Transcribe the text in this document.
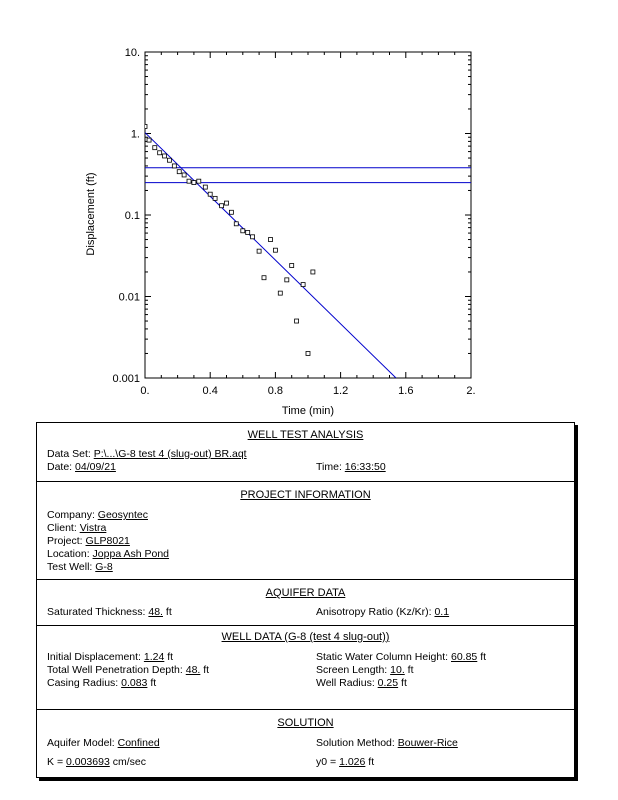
0.	0.4	0.8	1.2	1.6	2.
10.
1.
0.1
0.01
0.001
Time (min)
Displacement (ft)
WELL TEST ANALYSIS
Data Set: P:\...\G-8 test 4 (slug-out) BR.aqt
Date: 04/09/21	Time: 16:33:50
PROJECT INFORMATION
Company: Geosyntec
Client: Vistra
Project: GLP8021
Location: Joppa Ash Pond
Test Well: G-8
AQUIFER DATA
Saturated Thickness: 48. ft	Anisotropy Ratio (Kz/Kr): 0.1
WELL DATA (G-8 (test 4 slug-out))
Initial Displacement: 1.24 ft	Static Water Column Height: 60.85 ft
Total Well Penetration Depth: 48. ft	Screen Length: 10. ft
Casing Radius: 0.083 ft	Well Radius: 0.25 ft
SOLUTION
Aquifer Model: Confined	Solution Method: Bouwer-Rice
K = 0.003693 cm/sec	y0 = 1.026 ft
